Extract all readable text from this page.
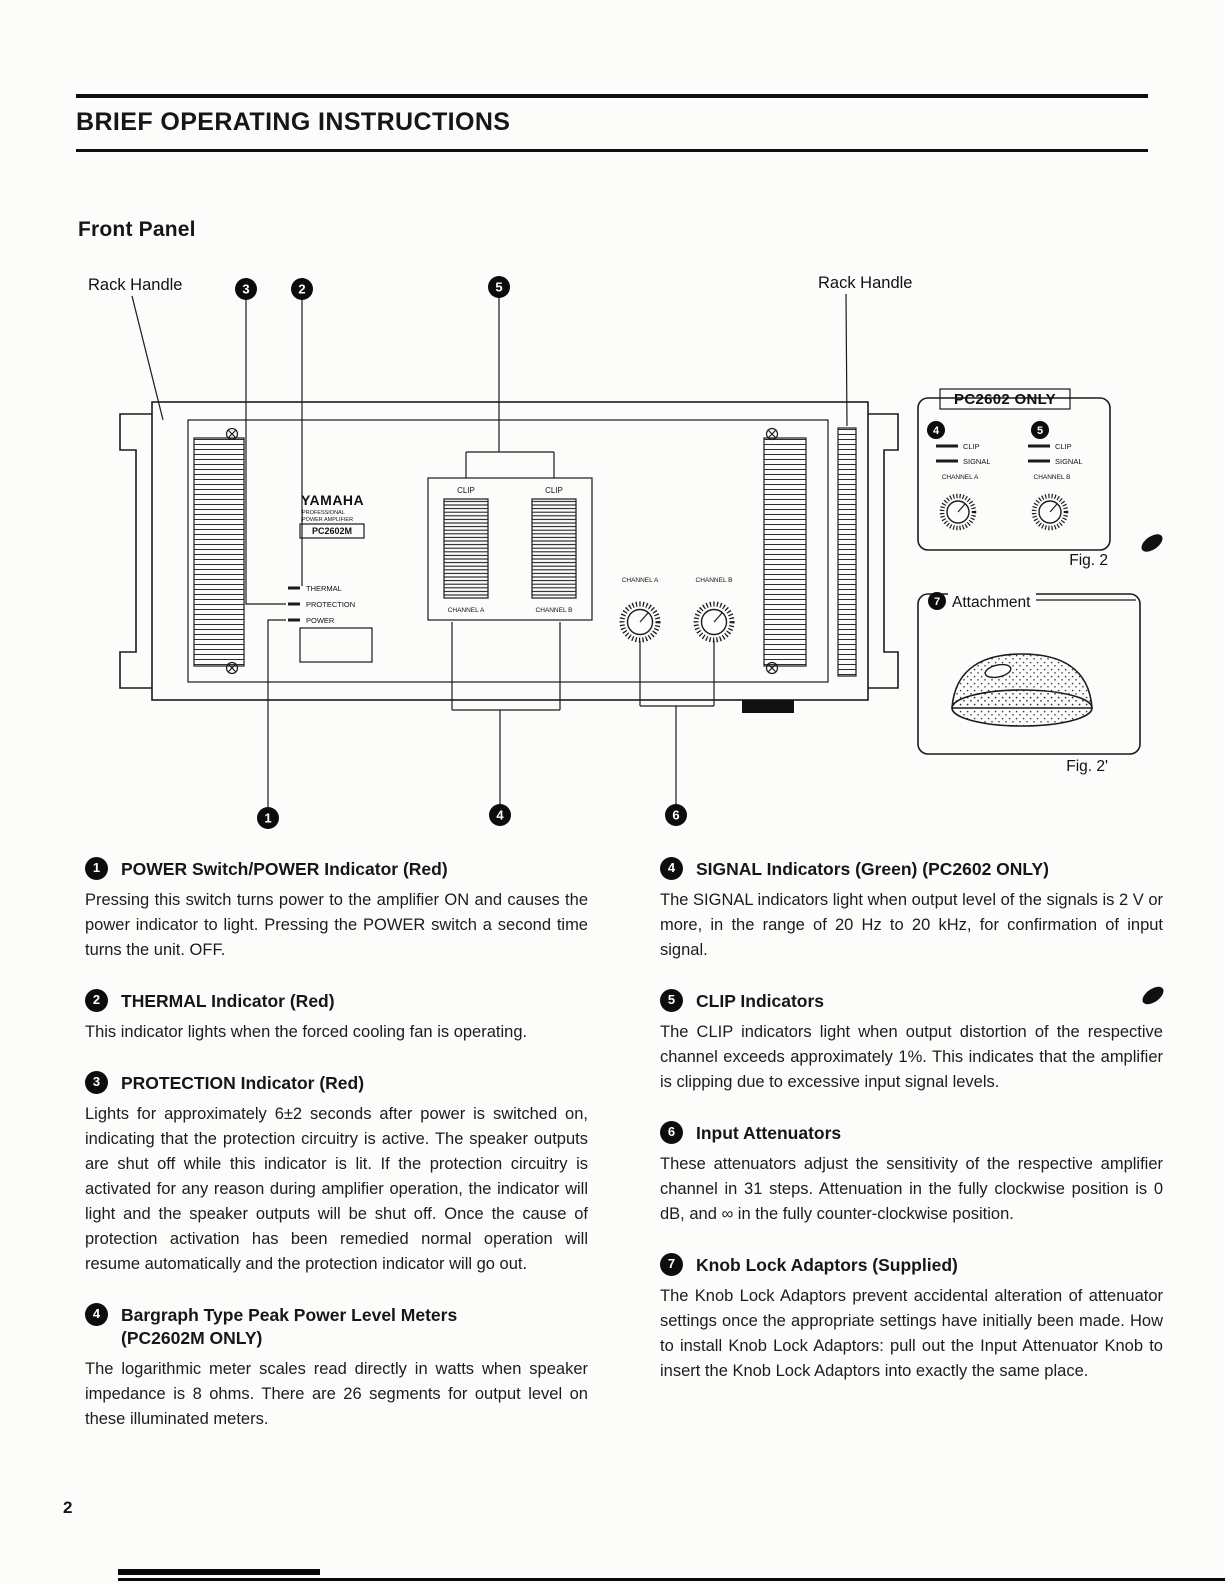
BRIEF OPERATING INSTRUCTIONS
Front Panel
Rack Handle	Rack Handle
3	2	5
YAMAHA
PROFESSIONAL
POWER AMPLIFIER
PC2602M
THERMAL
PROTECTION
POWER
CLIP	CLIP
CHANNEL A	CHANNEL B
CHANNEL A	CHANNEL B
1	4	6
PC2602 ONLY
4	5
CLIP
SIGNAL
CHANNEL A
CLIP
SIGNAL
CHANNEL B
Fig. 2
7 Attachment
Fig. 2'
1	POWER Switch/POWER Indicator (Red)

Pressing this switch turns power to the amplifier ON and causes the power indicator to light. Pressing the POWER switch a second time turns the unit. OFF.

2	THERMAL Indicator (Red)

This indicator lights when the forced cooling fan is operating.

3	PROTECTION Indicator (Red)

Lights for approximately 6±2 seconds after power is switched on, indicating that the protection circuitry is active. The speaker outputs are shut off while this indicator is lit. If the protection circuitry is activated for any reason during amplifier operation, the indicator will light and the speaker outputs will be shut off. Once the cause of protection activation has been remedied normal operation will resume automatically and the protection indicator will go out.

4	Bargraph Type Peak Power Level Meters
(PC2602M ONLY)

The logarithmic meter scales read directly in watts when speaker impedance is 8 ohms. There are 26 segments for output level on these illuminated meters.

4	SIGNAL Indicators (Green) (PC2602 ONLY)

The SIGNAL indicators light when output level of the signals is 2 V or more, in the range of 20 Hz to 20 kHz, for confirmation of input signal.

5	CLIP Indicators

The CLIP indicators light when output distortion of the respective channel exceeds approximately 1%. This indicates that the amplifier is clipping due to excessive input signal levels.

6	Input Attenuators

These attenuators adjust the sensitivity of the respective amplifier channel in 31 steps. Attenuation in the fully clockwise position is 0 dB, and ∞ in the fully counter-clockwise position.

7	Knob Lock Adaptors (Supplied)

The Knob Lock Adaptors prevent accidental alteration of attenuator settings once the appropriate settings have initially been made. How to install Knob Lock Adaptors: pull out the Input Attenuator Knob to insert the Knob Lock Adaptors into exactly the same place.

2
